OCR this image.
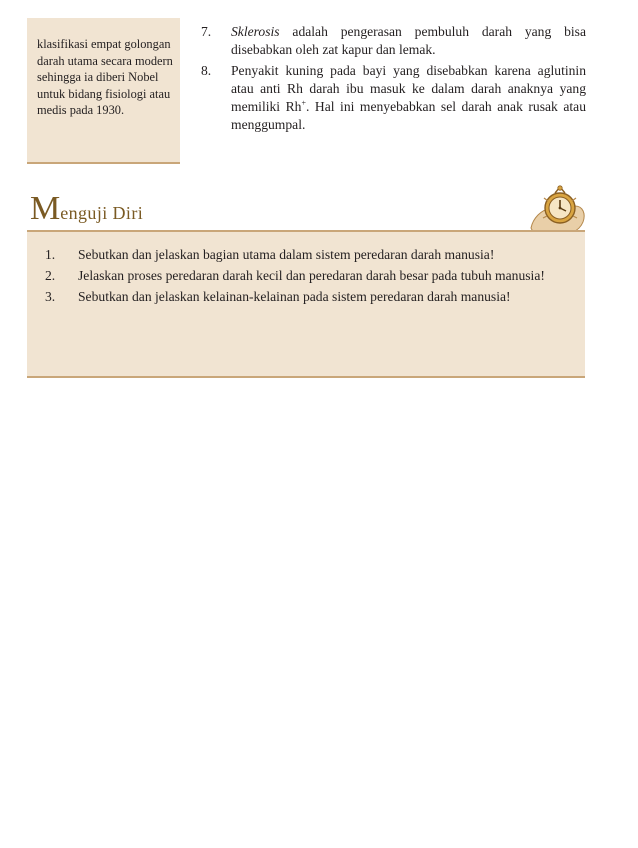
klasifikasi empat golongan darah utama secara modern sehingga ia diberi Nobel untuk bidang fisiologi atau medis pada 1930.
7. Sklerosis adalah pengerasan pembuluh darah yang bisa disebabkan oleh zat kapur dan lemak.
8. Penyakit kuning pada bayi yang disebabkan karena aglutinin atau anti Rh darah ibu masuk ke dalam darah anaknya yang memiliki Rh+. Hal ini menyebabkan sel darah anak rusak atau menggumpal.
Menguji Diri
1. Sebutkan dan jelaskan bagian utama dalam sistem peredaran darah manusia!
2. Jelaskan proses peredaran darah kecil dan peredaran darah besar pada tubuh manusia!
3. Sebutkan dan jelaskan kelainan-kelainan pada sistem peredaran darah manusia!
